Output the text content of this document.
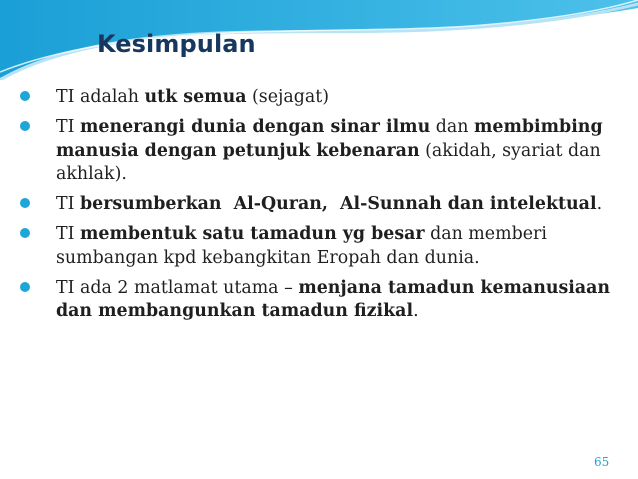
Kesimpulan
TI adalah utk semua (sejagat)
TI menerangi dunia dengan sinar ilmu dan membimbing manusia dengan petunjuk kebenaran (akidah, syariat dan akhlak).
TI bersumberkan  Al-Quran,  Al-Sunnah dan intelektual.
TI membentuk satu tamadun yg besar dan memberi sumbangan kpd kebangkitan Eropah dan dunia.
TI ada 2 matlamat utama – menjana tamadun kemanusiaan dan membangunkan tamadun fizikal.
65
